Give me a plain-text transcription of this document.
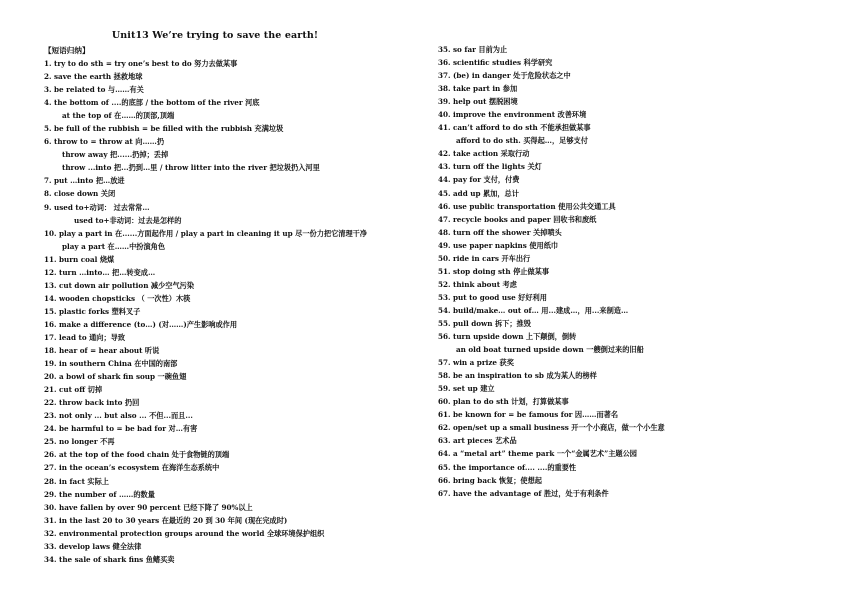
Unit13 We’re trying to save the earth!
【短语归纳】
1. try to do sth = try one’s best to do 努力去做某事
2. save the earth 拯救地球
3. be related to 与……有关
4. the bottom of ....的底部 / the bottom of the river 河底
at the top of 在……的顶部,顶端
5. be full of the rubbish = be filled with the rubbish 充满垃圾
6. throw to = throw at 向……扔
throw away 把......扔掉；丢掉
throw ...into 把...扔到…里 / throw litter into the river 把垃圾扔入河里
7. put …into 把…放进
8. close down 关闭
9. used to+动词： 过去常常…
used to+非动词：过去是怎样的
10. play a part in 在......方面起作用 / play a part in cleaning it up 尽一份力把它清理干净
play a part 在……中扮演角色
11. burn coal 烧煤
12. turn …into… 把…转变成…
13. cut down air pollution 减少空气污染
14. wooden chopsticks （ 一次性）木筷
15. plastic forks 塑料叉子
16. make a difference (to…) (对……)产生影响或作用
17. lead to 通向；导致
18. hear of = hear about 听说
19. in southern China 在中国的南部
20. a bowl of shark fin soup 一碗鱼翅
21. cut off 切掉
22. throw back into 扔回
23. not only ... but also ... 不但...而且...
24. be harmful to = be bad for 对…有害
25. no longer 不再
26. at the top of the food chain 处于食物链的顶端
27. in the ocean’s ecosystem 在海洋生态系统中
28. in fact 实际上
29. the number of ……的数量
30. have fallen by over 90 percent 已经下降了 90%以上
31. in the last 20 to 30 years 在最近的 20 到 30 年间 (现在完成时)
32. environmental protection groups around the world 全球环境保护组织
33. develop laws 健全法律
34. the sale of shark fins 鱼鳍买卖
35. so far 目前为止
36. scientific studies 科学研究
37. (be) in danger 处于危险状态之中
38. take part in 参加
39. help out 摆脱困境
40. improve the environment 改善环境
41. can’t afford to do sth 不能承担做某事
afford to do sth. 买得起…，足够支付
42. take action 采取行动
43. turn off the lights 关灯
44. pay for 支付，付费
45. add up 累加，总计
46. use public transportation 使用公共交通工具
47. recycle books and paper 回收书和废纸
48. turn off the shower 关掉喷头
49. use paper napkins 使用纸巾
50. ride in cars 开车出行
51. stop doing sth 停止做某事
52. think about 考虑
53. put to good use 好好利用
54. build/make… out of… 用...建成…，用...来制造…
55. pull down 拆下；推毁
56. turn upside down 上下颠倒，倒转
an old boat turned upside down 一艘倒过来的旧船
57. win a prize 获奖
58. be an inspiration to sb 成为某人的榜样
59. set up 建立
60. plan to do sth 计划，打算做某事
61. be known for = be famous for 因……而著名
62. open/set up a small business 开一个小商店，做一个小生意
63. art pieces 艺术品
64. a “metal art” theme park 一个“金属艺术”主题公园
65. the importance of.... ....的重要性
66. bring back 恢复；使想起
67. have the advantage of 胜过，处于有利条件
